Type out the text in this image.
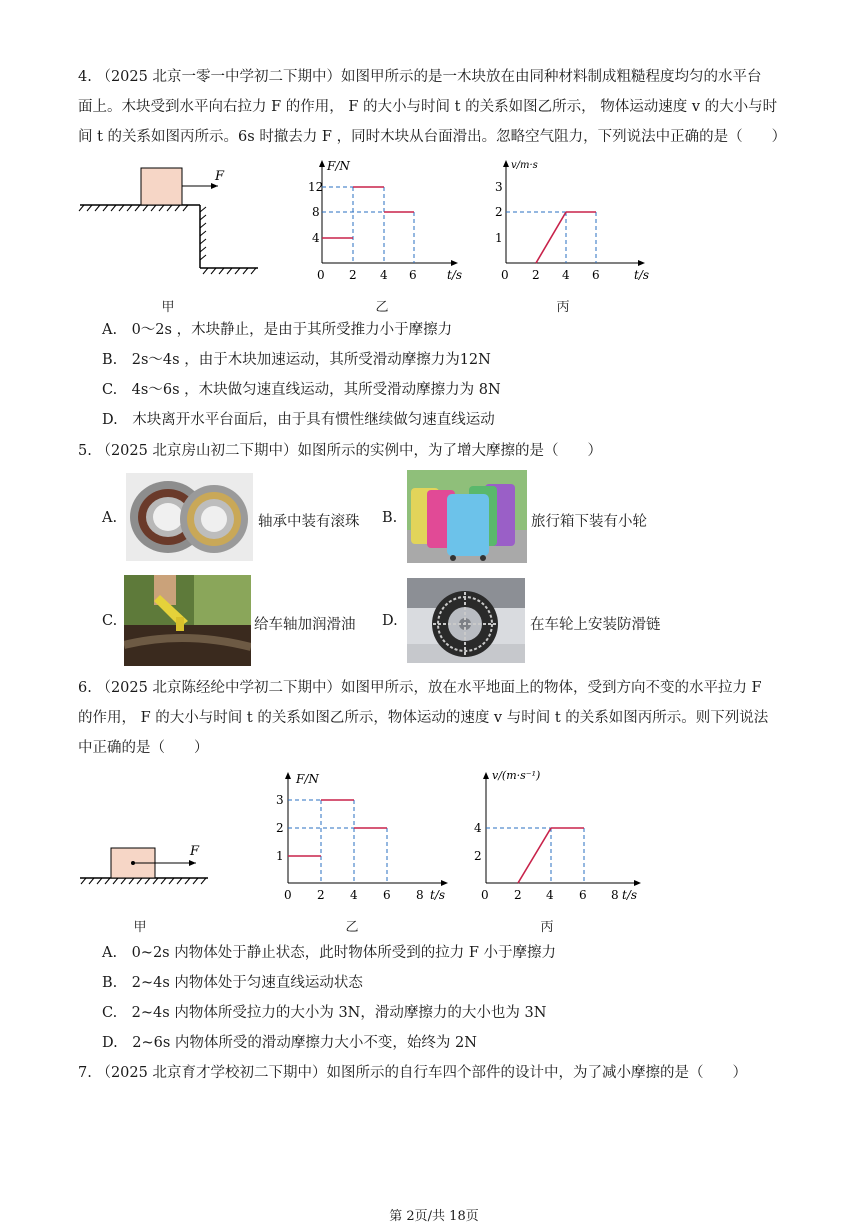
4. （2025 北京一零一中学初二下期中）如图甲所示的是一木块放在由同种材料制成粗糙程度均匀的水平台
面上。木块受到水平向右拉力 F 的作用， F 的大小与时间 t 的关系如图乙所示， 物体运动速度 v 的大小与时
间 t 的关系如图丙所示。6s 时撤去力 F ，同时木块从台面滑出。忽略空气阻力，下列说法中正确的是（　　）
F
甲
F/N
t/s
12
8
4
0 2 4 6
乙
v/m·s
t/s
3
2
1
0 2 4 6
丙
A.　0～2s ，木块静止，是由于其所受推力小于摩擦力
B.　2s～4s ，由于木块加速运动，其所受滑动摩擦力为12N
C.　4s～6s ，木块做匀速直线运动，其所受滑动摩擦力为 8N
D.　木块离开水平台面后，由于具有惯性继续做匀速直线运动
5. （2025 北京房山初二下期中）如图所示的实例中，为了增大摩擦的是（　　）
A.	轴承中装有滚珠 B.	旅行箱下装有小轮
C.	给车轴加润滑油 D.	在车轮上安装防滑链
6. （2025 北京陈经纶中学初二下期中）如图甲所示，放在水平地面上的物体，受到方向不变的水平拉力 F
的作用， F 的大小与时间 t 的关系如图乙所示，物体运动的速度 v 与时间 t 的关系如图丙所示。则下列说法
中正确的是（　　）
F
甲
F/N
t/s
3
2
1
0 2 4 6 8
乙
v/(m·s⁻¹)
t/s
4
2
0 2 4 6 8
丙
A.　0~2s 内物体处于静止状态，此时物体所受到的拉力 F 小于摩擦力
B.　2~4s 内物体处于匀速直线运动状态
C.　2~4s 内物体所受拉力的大小为 3N，滑动摩擦力的大小也为 3N
D.　2~6s 内物体所受的滑动摩擦力大小不变，始终为 2N
7. （2025 北京育才学校初二下期中）如图所示的自行车四个部件的设计中，为了减小摩擦的是（　　）
第 2页/共 18页
